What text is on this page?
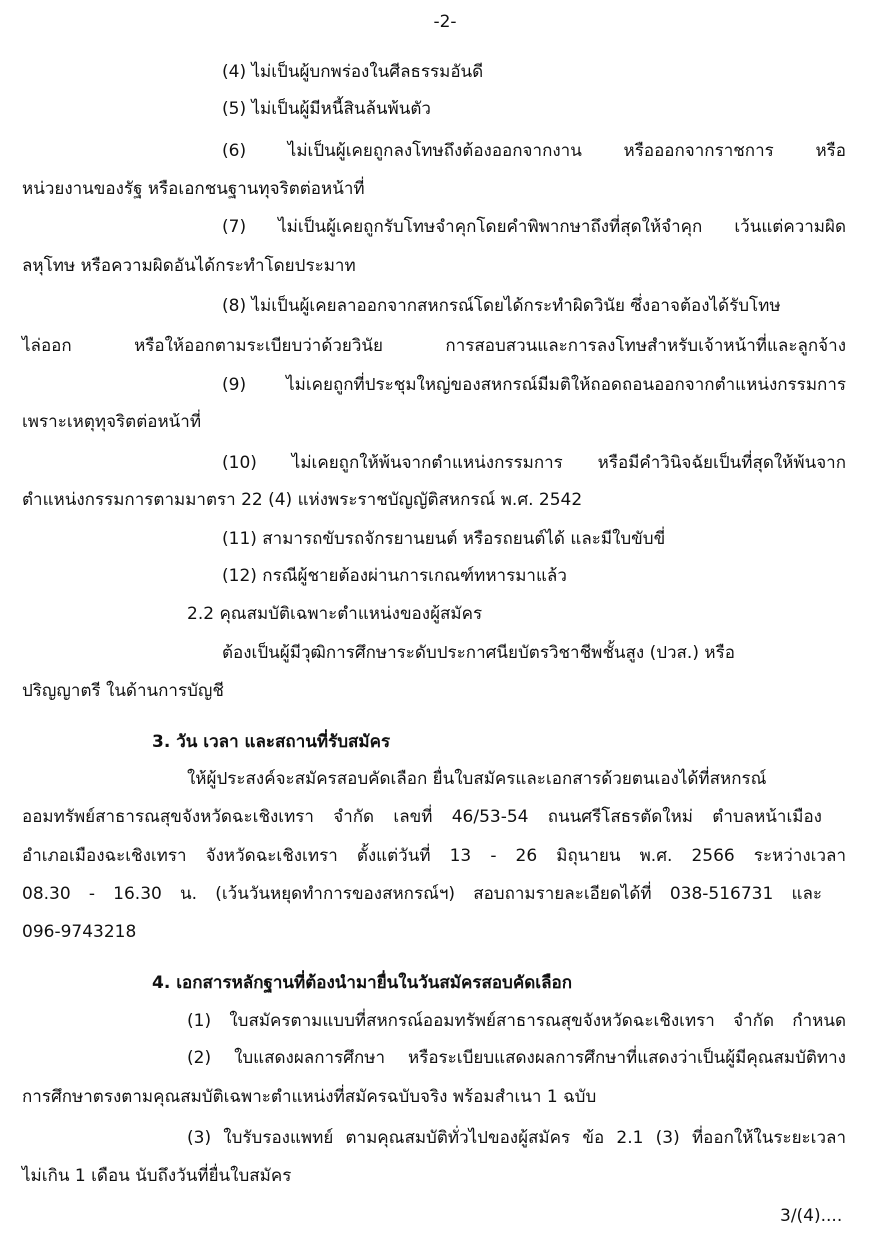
-2-
(4) ไม่เป็นผู้บกพร่องในศีลธรรมอันดี
(5) ไม่เป็นผู้มีหนี้สินล้นพ้นตัว
(6) ไม่เป็นผู้เคยถูกลงโทษถึงต้องออกจากงาน หรือออกจากราชการ หรือ
หน่วยงานของรัฐ หรือเอกชนฐานทุจริตต่อหน้าที่
(7) ไม่เป็นผู้เคยถูกรับโทษจำคุกโดยคำพิพากษาถึงที่สุดให้จำคุก เว้นแต่ความผิด
ลหุโทษ หรือความผิดอันได้กระทำโดยประมาท
(8) ไม่เป็นผู้เคยลาออกจากสหกรณ์โดยได้กระทำผิดวินัย ซึ่งอาจต้องได้รับโทษ
ไล่ออก หรือให้ออกตามระเบียบว่าด้วยวินัย การสอบสวนและการลงโทษสำหรับเจ้าหน้าที่และลูกจ้าง
(9) ไม่เคยถูกที่ประชุมใหญ่ของสหกรณ์มีมติให้ถอดถอนออกจากตำแหน่งกรรมการ
เพราะเหตุทุจริตต่อหน้าที่
(10) ไม่เคยถูกให้พ้นจากตำแหน่งกรรมการ หรือมีคำวินิจฉัยเป็นที่สุดให้พ้นจาก
ตำแหน่งกรรมการตามมาตรา 22 (4) แห่งพระราชบัญญัติสหกรณ์ พ.ศ. 2542
(11) สามารถขับรถจักรยานยนต์ หรือรถยนต์ได้ และมีใบขับขี่
(12) กรณีผู้ชายต้องผ่านการเกณฑ์ทหารมาแล้ว
2.2 คุณสมบัติเฉพาะตำแหน่งของผู้สมัคร
ต้องเป็นผู้มีวุฒิการศึกษาระดับประกาศนียบัตรวิชาชีพชั้นสูง (ปวส.) หรือ
ปริญญาตรี ในด้านการบัญชี
3. วัน เวลา และสถานที่รับสมัคร
ให้ผู้ประสงค์จะสมัครสอบคัดเลือก ยื่นใบสมัครและเอกสารด้วยตนเองได้ที่สหกรณ์
ออมทรัพย์สาธารณสุขจังหวัดฉะเชิงเทรา จำกัด เลขที่ 46/53-54 ถนนศรีโสธรตัดใหม่ ตำบลหน้าเมือง
อำเภอเมืองฉะเชิงเทรา จังหวัดฉะเชิงเทรา ตั้งแต่วันที่ 13 - 26 มิถุนายน พ.ศ. 2566 ระหว่างเวลา
08.30 - 16.30 น. (เว้นวันหยุดทำการของสหกรณ์ฯ) สอบถามรายละเอียดได้ที่ 038-516731 และ
096-9743218
4. เอกสารหลักฐานที่ต้องนำมายื่นในวันสมัครสอบคัดเลือก
(1) ใบสมัครตามแบบที่สหกรณ์ออมทรัพย์สาธารณสุขจังหวัดฉะเชิงเทรา จำกัด กำหนด
(2) ใบแสดงผลการศึกษา หรือระเบียบแสดงผลการศึกษาที่แสดงว่าเป็นผู้มีคุณสมบัติทาง
การศึกษาตรงตามคุณสมบัติเฉพาะตำแหน่งที่สมัครฉบับจริง พร้อมสำเนา 1 ฉบับ
(3) ใบรับรองแพทย์ ตามคุณสมบัติทั่วไปของผู้สมัคร ข้อ 2.1 (3) ที่ออกให้ในระยะเวลา
ไม่เกิน 1 เดือน นับถึงวันที่ยื่นใบสมัคร
3/(4)....
